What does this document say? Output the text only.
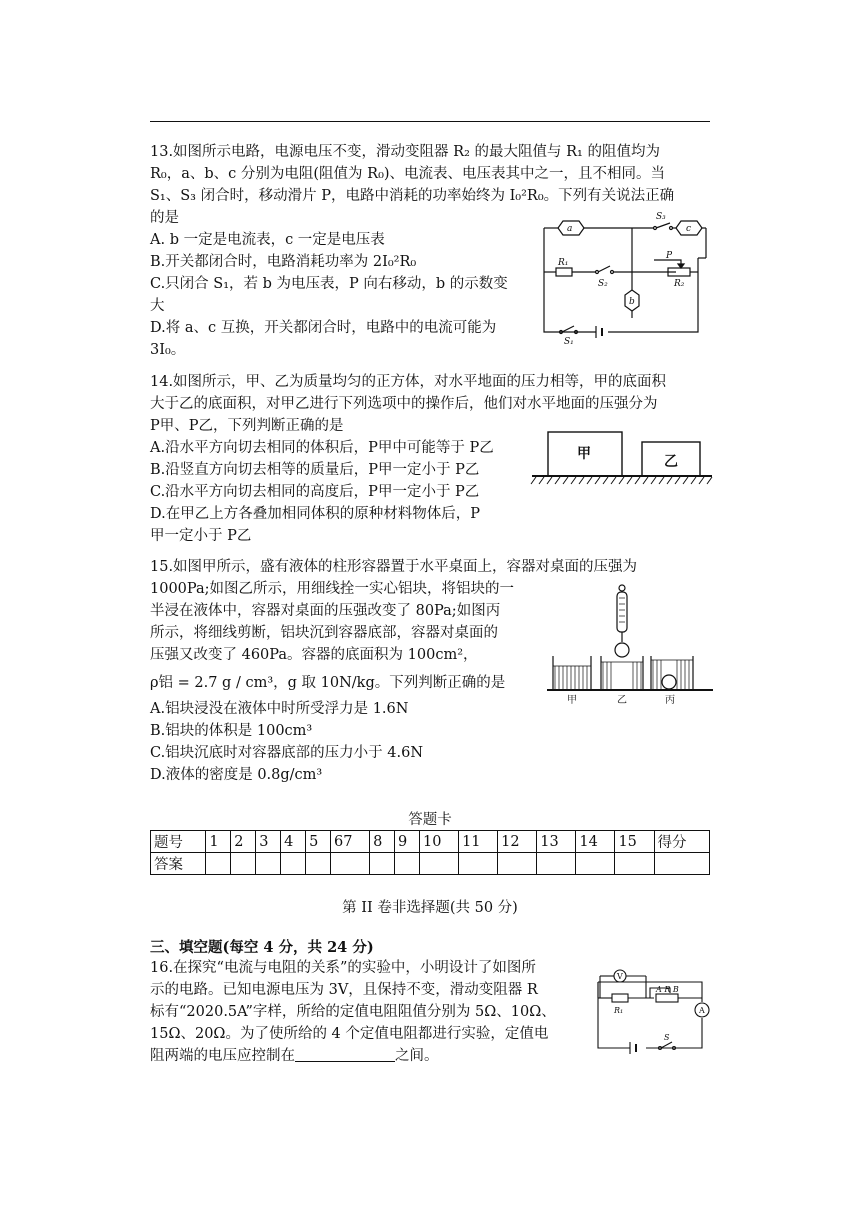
13.如图所示电路，电源电压不变，滑动变阻器 R₂ 的最大阻值与 R₁ 的阻值均为

R₀，a、b、c 分别为电阻(阻值为 R₀)、电流表、电压表其中之一，且不相同。当

S₁、S₃ 闭合时，移动滑片 P，电路中消耗的功率始终为 I₀²R₀。下列有关说法正确

的是

A. b 一定是电流表，c 一定是电压表

B.开关都闭合时，电路消耗功率为 2I₀²R₀

C.只闭合 S₁，若 b 为电压表，P 向右移动，b 的示数变

大

D.将 a、c 互换，开关都闭合时，电路中的电流可能为

3I₀。

a	c
b
R₁
R₂
P
S₁
S₂
S₃

14.如图所示，甲、乙为质量均匀的正方体，对水平地面的压力相等，甲的底面积

大于乙的底面积，对甲乙进行下列选项中的操作后，他们对水平地面的压强分为

P甲、P乙，下列判断正确的是

A.沿水平方向切去相同的体积后，P甲中可能等于 P乙

B.沿竖直方向切去相等的质量后，P甲一定小于 P乙

C.沿水平方向切去相同的高度后，P甲一定小于 P乙

D.在甲乙上方各叠加相同体积的原种材料物体后，P

甲一定小于 P乙

甲	乙

15.如图甲所示，盛有液体的柱形容器置于水平桌面上，容器对桌面的压强为

1000Pa;如图乙所示，用细线拴一实心铝块，将铝块的一

半浸在液体中，容器对桌面的压强改变了 80Pa;如图丙

所示，将细线剪断，铝块沉到容器底部，容器对桌面的

压强又改变了 460Pa。容器的底面积为 100cm²，

ρ铝 = 2.7 g / cm³，g 取 10N/kg。下列判断正确的是

A.铝块浸没在液体中时所受浮力是 1.6N

B.铝块的体积是 100cm³

C.铝块沉底时对容器底部的压力小于 4.6N

D.液体的密度是 0.8g/cm³

甲	乙	丙
答题卡
题号	1	2	3	4	5	67	8	9	10	11	12	13	14	15	得分
答案															
第 II 卷非选择题(共 50 分)
三、填空题(每空 4 分，共 24 分)

16.在探究“电流与电阻的关系”的实验中，小明设计了如图所

示的电路。已知电源电压为 3V，且保持不变，滑动变阻器 R

标有“2020.5A”字样，所给的定值电阻阻值分别为 5Ω、10Ω、

15Ω、20Ω。为了使所给的 4 个定值电阻都进行实验，定值电

阻两端的电压应控制在	之间。

V
A
R₁
A R B
S
